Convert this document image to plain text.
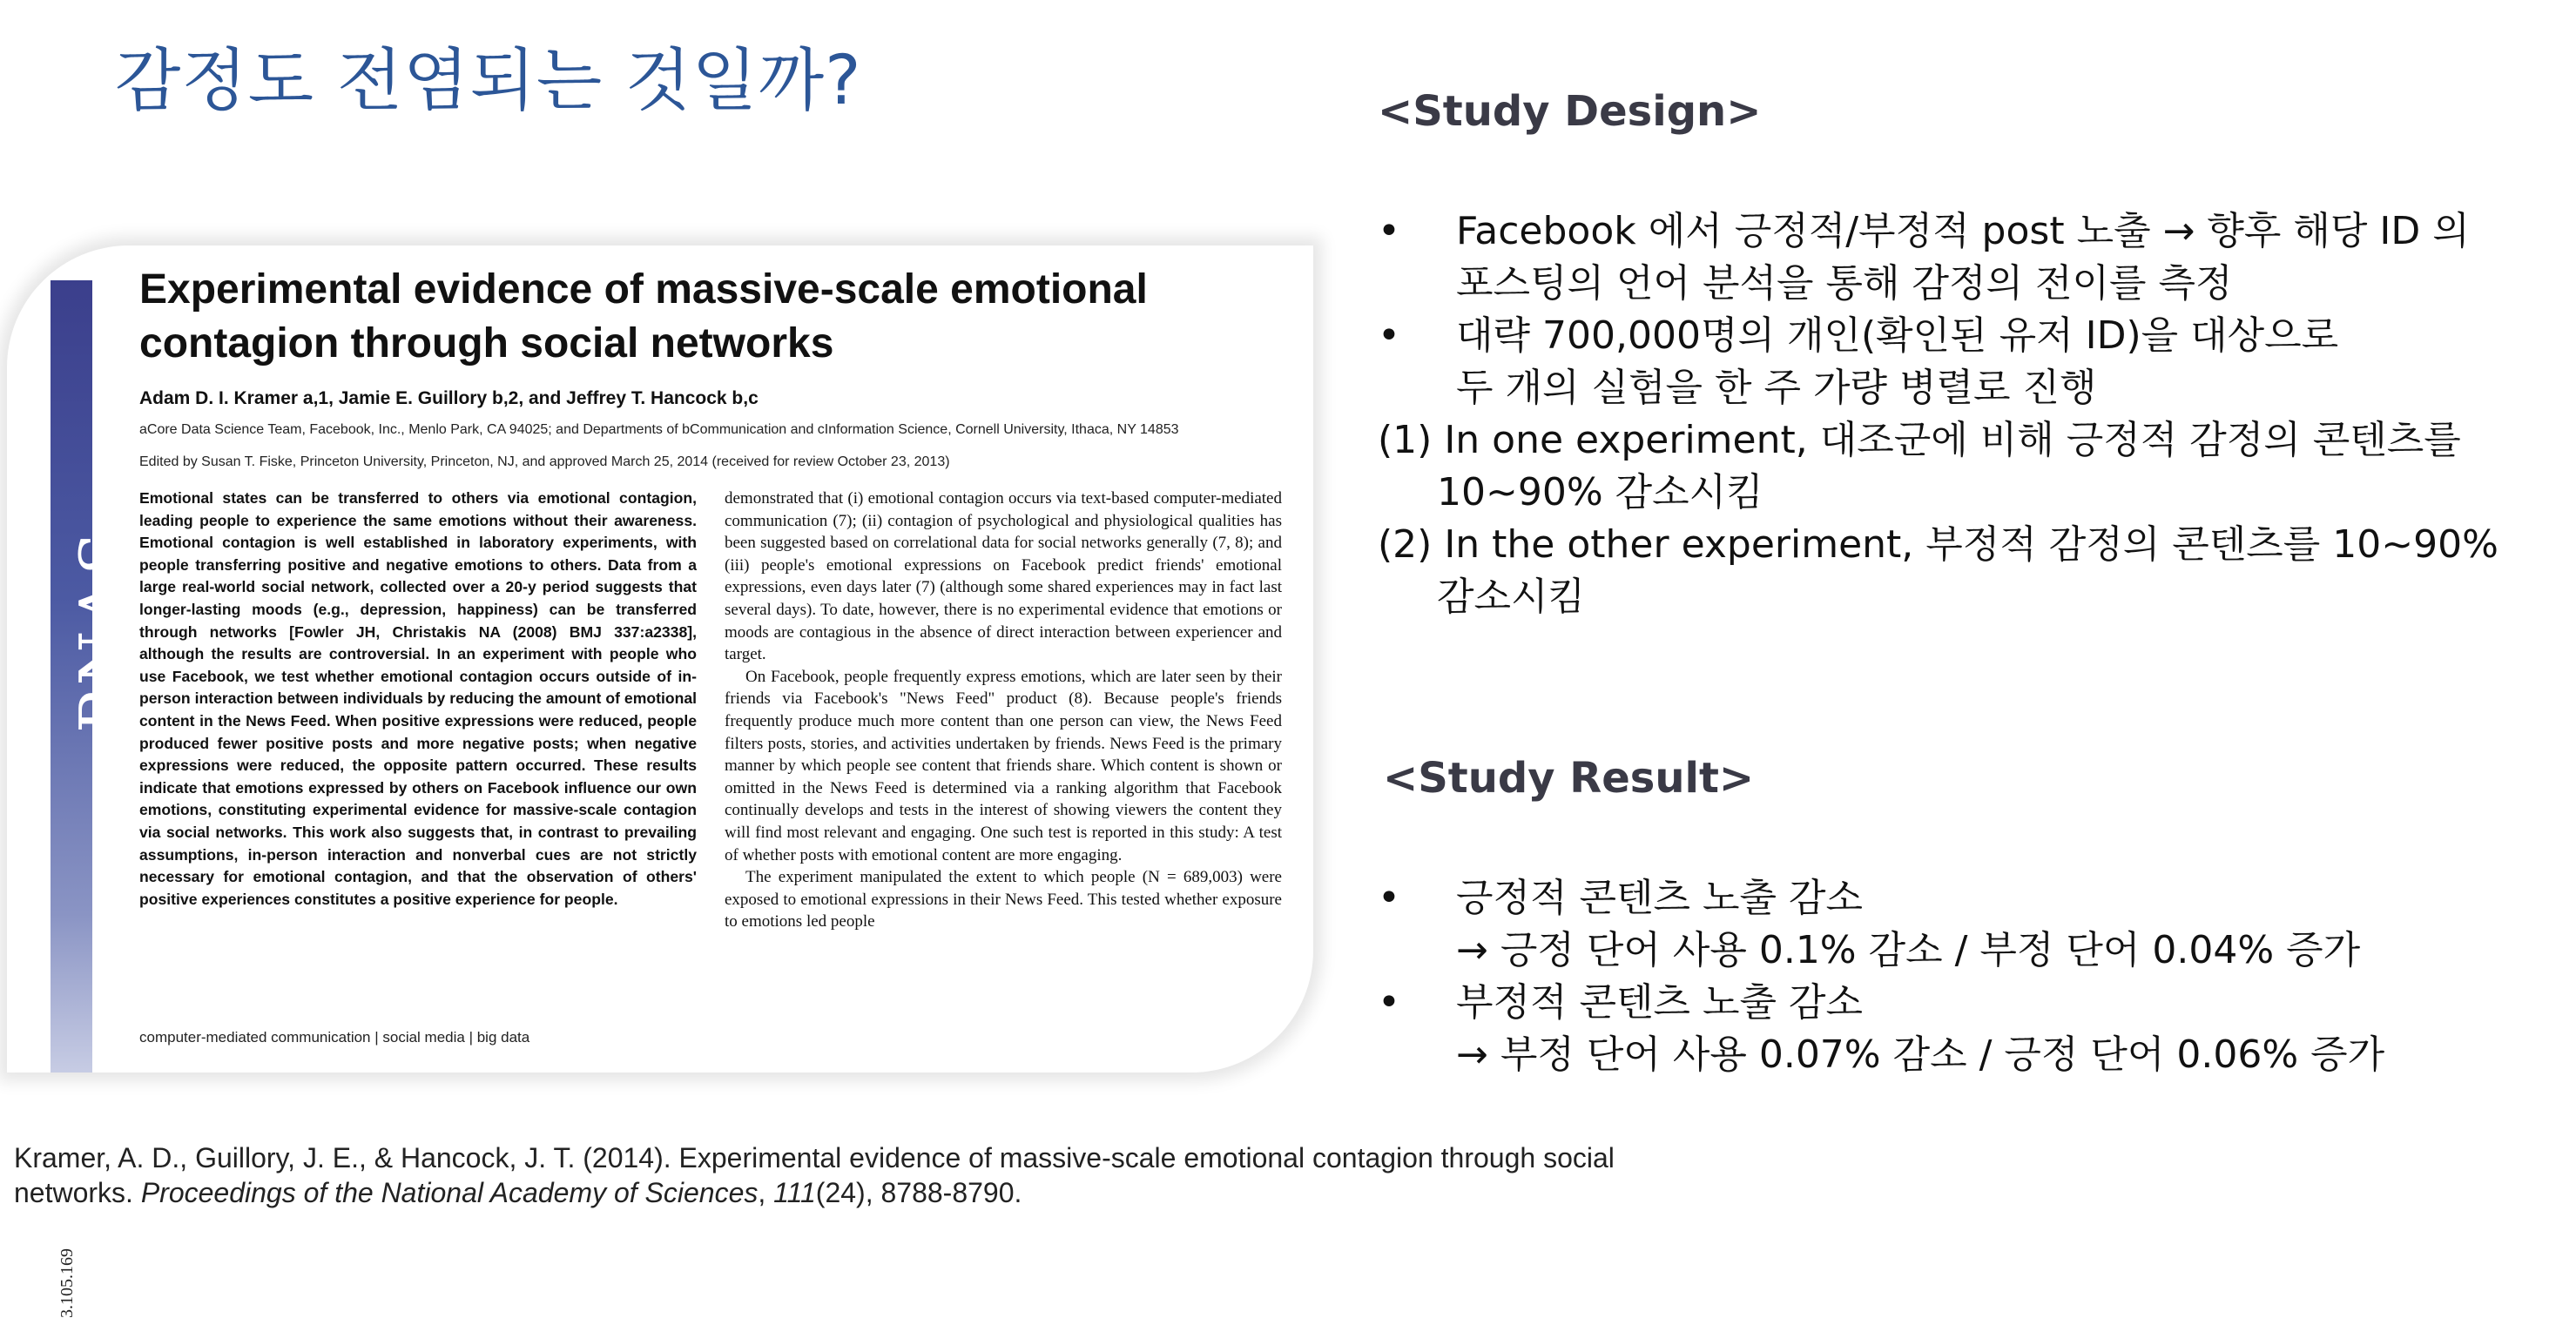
감정도 전염되는 것일까?
PNAS
3.105.169
Experimental evidence of massive-scale emotional contagion through social networks
Adam D. I. Kramer a,1, Jamie E. Guillory b,2, and Jeffrey T. Hancock b,c
aCore Data Science Team, Facebook, Inc., Menlo Park, CA 94025; and Departments of bCommunication and cInformation Science, Cornell University, Ithaca, NY 14853
Edited by Susan T. Fiske, Princeton University, Princeton, NJ, and approved March 25, 2014 (received for review October 23, 2013)

Emotional states can be transferred to others via emotional contagion, leading people to experience the same emotions without their awareness. Emotional contagion is well established in laboratory experiments, with people transferring positive and negative emotions to others. Data from a large real-world social network, collected over a 20-y period suggests that longer-lasting moods (e.g., depression, happiness) can be transferred through networks [Fowler JH, Christakis NA (2008) BMJ 337:a2338], although the results are controversial. In an experiment with people who use Facebook, we test whether emotional contagion occurs outside of in-person interaction between individuals by reducing the amount of emotional content in the News Feed. When positive expressions were reduced, people produced fewer positive posts and more negative posts; when negative expressions were reduced, the opposite pattern occurred. These results indicate that emotions expressed by others on Facebook influence our own emotions, constituting experimental evidence for massive-scale contagion via social networks. This work also suggests that, in contrast to prevailing assumptions, in-person interaction and nonverbal cues are not strictly necessary for emotional contagion, and that the observation of others' positive experiences constitutes a positive experience for people.

demonstrated that (i) emotional contagion occurs via text-based computer-mediated communication (7); (ii) contagion of psychological and physiological qualities has been suggested based on correlational data for social networks generally (7, 8); and (iii) people's emotional expressions on Facebook predict friends' emotional expressions, even days later (7) (although some shared experiences may in fact last several days). To date, however, there is no experimental evidence that emotions or moods are contagious in the absence of direct interaction between experiencer and target.

On Facebook, people frequently express emotions, which are later seen by their friends via Facebook's "News Feed" product (8). Because people's friends frequently produce much more content than one person can view, the News Feed filters posts, stories, and activities undertaken by friends. News Feed is the primary manner by which people see content that friends share. Which content is shown or omitted in the News Feed is determined via a ranking algorithm that Facebook continually develops and tests in the interest of showing viewers the content they will find most relevant and engaging. One such test is reported in this study: A test of whether posts with emotional content are more engaging.

The experiment manipulated the extent to which people (N = 689,003) were exposed to emotional expressions in their News Feed. This tested whether exposure to emotions led people

computer-mediated communication | social media | big data
<Study Design>
• Facebook 에서 긍정적/부정적 post 노출 → 향후 해당 ID 의
포스팅의 언어 분석을 통해 감정의 전이를 측정
• 대략 700,000명의 개인(확인된 유저 ID)을 대상으로
두 개의 실험을 한 주 가량 병렬로 진행
(1) In one experiment, 대조군에 비해 긍정적 감정의 콘텐츠를
10~90% 감소시킴
(2) In the other experiment, 부정적 감정의 콘텐츠를 10~90%
감소시킴
<Study Result>
• 긍정적 콘텐츠 노출 감소
→ 긍정 단어 사용 0.1% 감소 / 부정 단어 0.04% 증가
• 부정적 콘텐츠 노출 감소
→ 부정 단어 사용 0.07% 감소 / 긍정 단어 0.06% 증가
Kramer, A. D., Guillory, J. E., & Hancock, J. T. (2014). Experimental evidence of massive-scale emotional contagion through social
networks. Proceedings of the National Academy of Sciences, 111(24), 8788-8790.
